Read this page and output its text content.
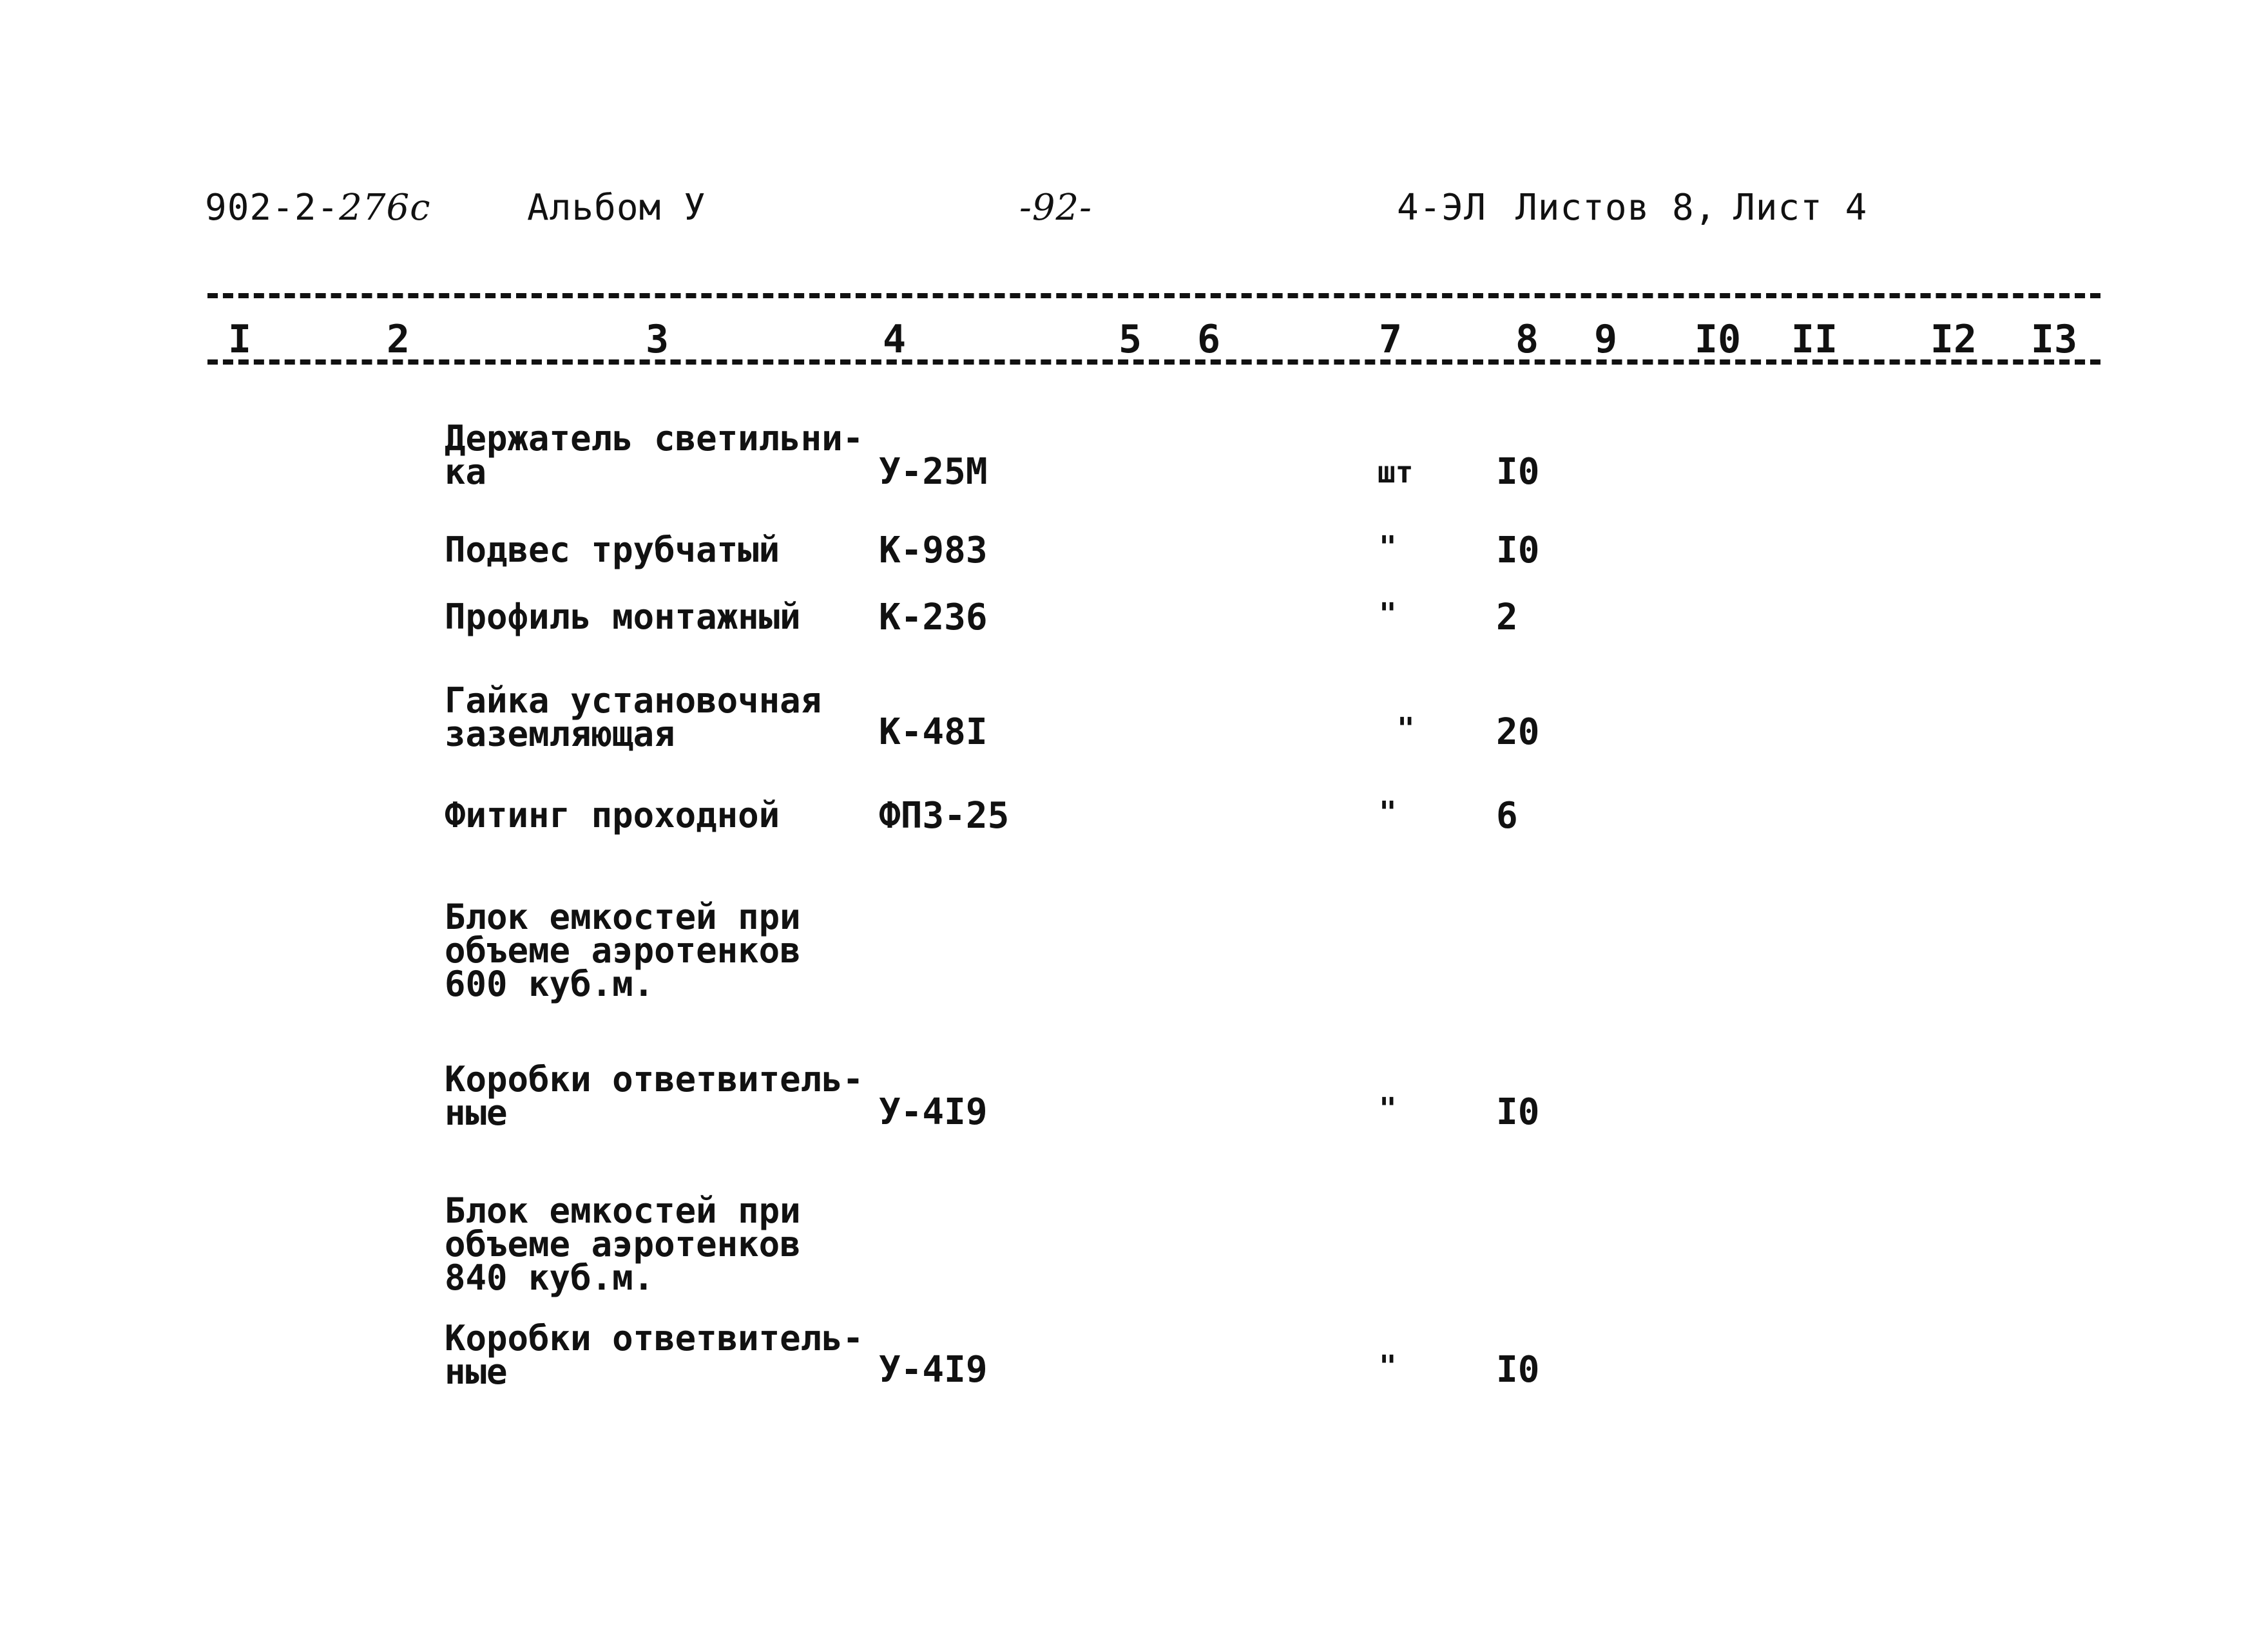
902-2-276с	Альбом У	-92-	4-ЭЛ Листов 8, Лист 4
I	2	3	4	5 6	7	8 9 I0 II I2 I3
Держатель светильни-
ка	У-25М	шт I0
Подвес трубчатый	К-983	"	I0
Профиль монтажный К-236	"	2
Гайка установочная
заземляющая	К-48I	" 20
Фитинг проходной	ФПЗ-25	"	6
Блок емкостей при
объеме аэротенков
600 куб.м.
Коробки ответвитель-
ные	У-4I9	"	I0
Блок емкостей при
объеме аэротенков
840 куб.м.
Коробки ответвитель-
ные	У-4I9	"	I0
